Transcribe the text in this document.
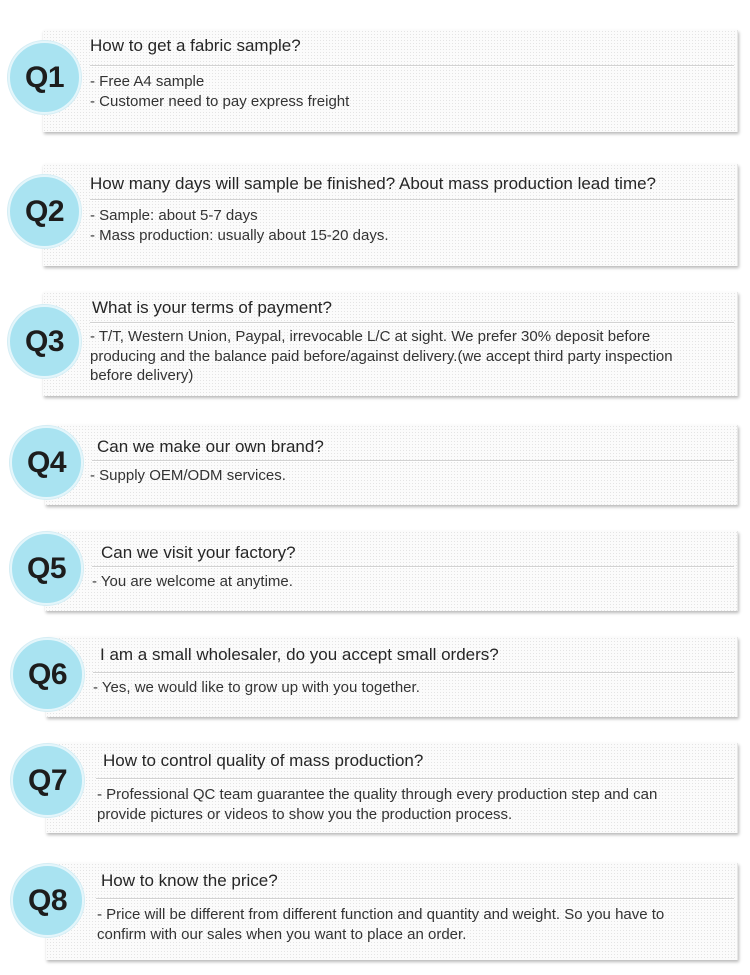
Q1
How to get a fabric sample?
- Free A4 sample
- Customer need to pay express freight
Q2
How many days will sample be finished? About mass production lead time?
- Sample: about 5-7 days
- Mass production: usually about 15-20 days.
Q3
What is your terms of payment?
- T/T, Western Union, Paypal, irrevocable L/C at sight. We prefer 30% deposit before
producing and the balance paid before/against delivery.(we accept third party inspection
before delivery)
Q4	Can we make our own brand?
- Supply OEM/ODM services.
Q5	Can we visit your factory?
- You are welcome at anytime.
Q6
I am a small wholesaler, do you accept small orders?
- Yes, we would like to grow up with you together.
Q7
How to control quality of mass production?
- Professional QC team guarantee the quality through every production step and can
provide pictures or videos to show you the production process.
Q8
How to know the price?
- Price will be different from different function and quantity and weight. So you have to
confirm with our sales when you want to place an order.
